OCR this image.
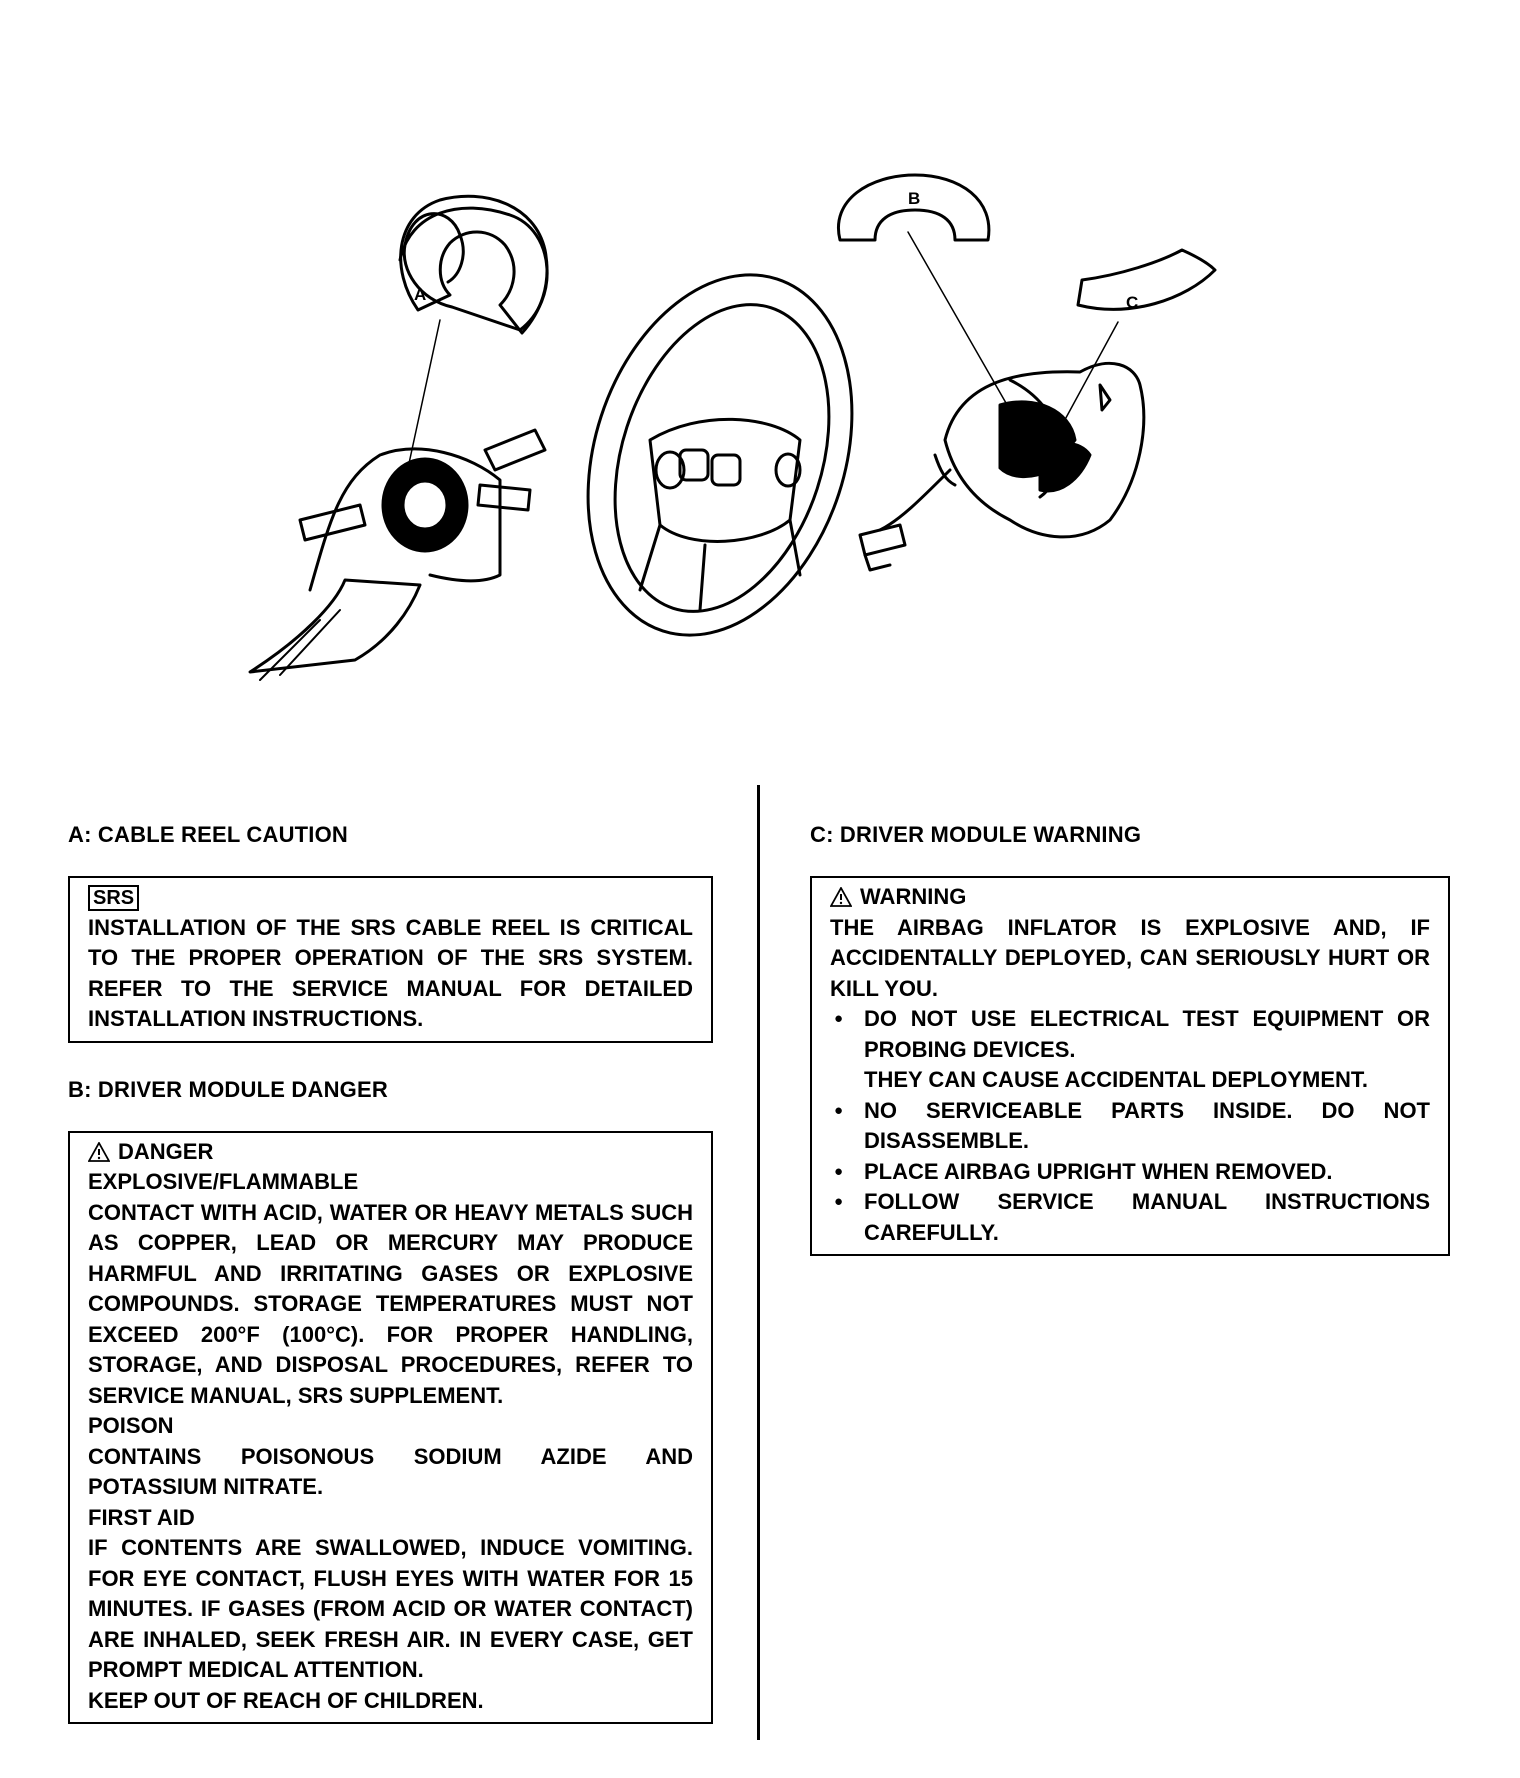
A
B
C
A: CABLE REEL CAUTION
SRS

INSTALLATION OF THE SRS CABLE REEL IS CRITICAL TO THE PROPER OPERATION OF THE SRS SYSTEM. REFER TO THE SERVICE MANUAL FOR DETAILED INSTALLATION INSTRUCTIONS.

B: DRIVER MODULE DANGER
DANGER

EXPLOSIVE/FLAMMABLE

CONTACT WITH ACID, WATER OR HEAVY METALS SUCH AS COPPER, LEAD OR MERCURY MAY PRODUCE HARMFUL AND IRRITATING GASES OR EXPLOSIVE COMPOUNDS. STORAGE TEMPERATURES MUST NOT EXCEED 200°F (100°C). FOR PROPER HANDLING, STORAGE, AND DISPOSAL PROCEDURES, REFER TO SERVICE MANUAL, SRS SUPPLEMENT.

POISON

CONTAINS POISONOUS SODIUM AZIDE AND POTASSIUM NITRATE.

FIRST AID

IF CONTENTS ARE SWALLOWED, INDUCE VOMITING. FOR EYE CONTACT, FLUSH EYES WITH WATER FOR 15 MINUTES. IF GASES (FROM ACID OR WATER CONTACT) ARE INHALED, SEEK FRESH AIR. IN EVERY CASE, GET PROMPT MEDICAL ATTENTION.

KEEP OUT OF REACH OF CHILDREN.

C: DRIVER MODULE WARNING
WARNING

THE AIRBAG INFLATOR IS EXPLOSIVE AND, IF ACCIDENTALLY DEPLOYED, CAN SERIOUSLY HURT OR KILL YOU.

● DO NOT USE ELECTRICAL TEST EQUIPMENT OR PROBING DEVICES.
THEY CAN CAUSE ACCIDENTAL DEPLOYMENT.
● NO SERVICEABLE PARTS INSIDE. DO NOT DISASSEMBLE.
● PLACE AIRBAG UPRIGHT WHEN REMOVED.
● FOLLOW SERVICE MANUAL INSTRUCTIONS CAREFULLY.
